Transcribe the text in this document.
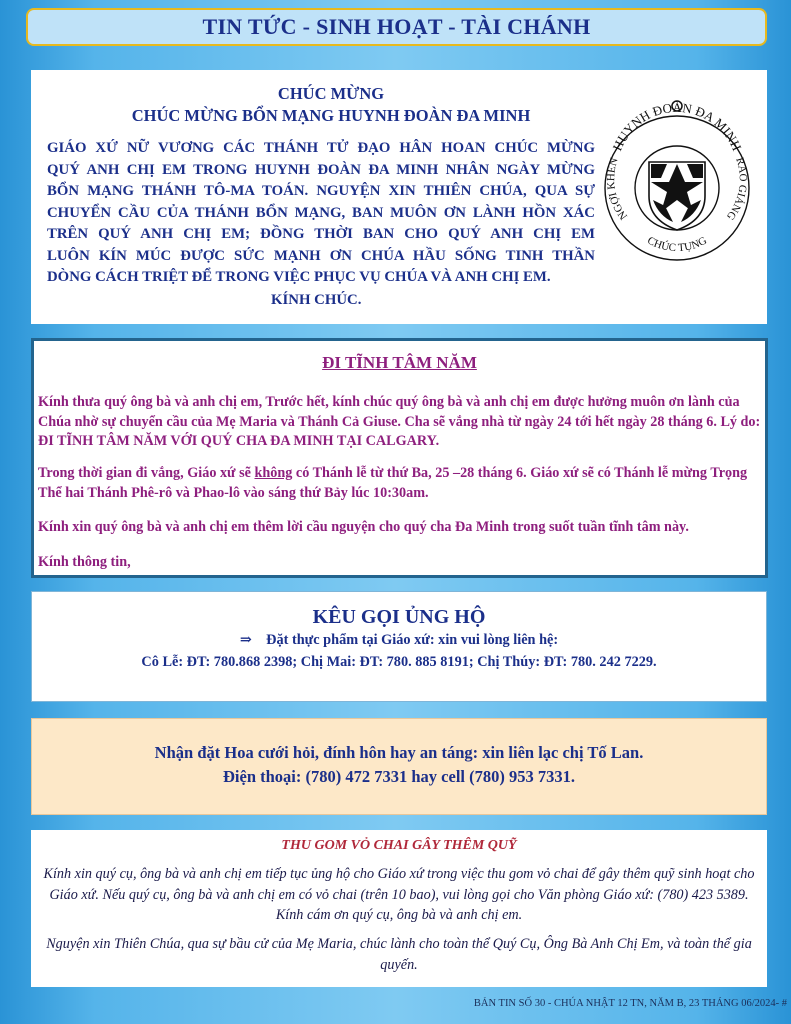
TIN TỨC - SINH HOẠT - TÀI CHÁNH
CHÚC MỪNG
CHÚC MỪNG BỔN MẠNG HUYNH ĐOÀN ĐA MINH
GIÁO XỨ NỮ VƯƠNG CÁC THÁNH TỬ ĐẠO HÂN HOAN CHÚC MỪNG
QUÝ ANH CHỊ EM TRONG HUYNH ĐOÀN ĐA MINH NHÂN NGÀY MỪNG
BỔN MẠNG THÁNH TÔ-MA TOÁN. NGUYỆN XIN THIÊN CHÚA, QUA SỰ
CHUYỂN CẦU CỦA THÁNH BỔN MẠNG, BAN MUÔN ƠN LÀNH HỒN XÁC
TRÊN QUÝ ANH CHỊ EM; ĐỒNG THỜI BAN CHO QUÝ ANH CHỊ EM
LUÔN KÍN MÚC ĐƯỢC SỨC MẠNH ƠN CHÚA HẦU SỐNG TINH THẦN
DÒNG CÁCH TRIỆT ĐỂ TRONG VIỆC PHỤC VỤ CHÚA VÀ ANH CHỊ EM.
KÍNH CHÚC.
HUYNH ĐOÀN ĐA MINH
NGỢI KHEN
CHÚC TỤNG
RAO GIẢNG
ĐI TĨNH TÂM NĂM

Kính thưa quý ông bà và anh chị em, Trước hết, kính chúc quý ông bà và anh chị em được hưởng muôn ơn lành của Chúa nhờ sự chuyển cầu của Mẹ Maria và Thánh Cả Giuse. Cha sẽ vắng nhà từ ngày 24 tới hết ngày 28 tháng 6. Lý do: ĐI TĨNH TÂM NĂM VỚI QUÝ CHA ĐA MINH TẠI CALGARY.

Trong thời gian đi vắng, Giáo xứ sẽ không có Thánh lễ từ thứ Ba, 25 –28 tháng 6. Giáo xứ sẽ có Thánh lễ mừng Trọng Thể hai Thánh Phê-rô và Phao-lô vào sáng thứ Bảy lúc 10:30am.

Kính xin quý ông bà và anh chị em thêm lời cầu nguyện cho quý cha Đa Minh trong suốt tuần tĩnh tâm này.

Kính thông tin,

KÊU GỌI ỦNG HỘ
⇒ Đặt thực phẩm tại Giáo xứ: xin vui lòng liên hệ:
Cô Lễ: ĐT: 780.868 2398; Chị Mai: ĐT: 780. 885 8191; Chị Thúy: ĐT: 780. 242 7229.
Nhận đặt Hoa cưới hỏi, đính hôn hay an táng: xin liên lạc chị Tố Lan.
Điện thoại: (780) 472 7331 hay cell (780) 953 7331.
THU GOM VỎ CHAI GÂY THÊM QUỸ

Kính xin quý cụ, ông bà và anh chị em tiếp tục ủng hộ cho Giáo xứ trong việc thu gom vỏ chai để gây thêm quỹ sinh hoạt cho Giáo xứ. Nếu quý cụ, ông bà và anh chị em có vỏ chai (trên 10 bao), vui lòng gọi cho Văn phòng Giáo xứ: (780) 423 5389. Kính cám ơn quý cụ, ông bà và anh chị em.

Nguyện xin Thiên Chúa, qua sự bầu cử của Mẹ Maria, chúc lành cho toàn thể Quý Cụ, Ông Bà Anh Chị Em, và toàn thể gia quyến.

BẢN TIN SỐ 30 - CHÚA NHẬT 12 TN, NĂM B, 23 THÁNG 06/2024- #
